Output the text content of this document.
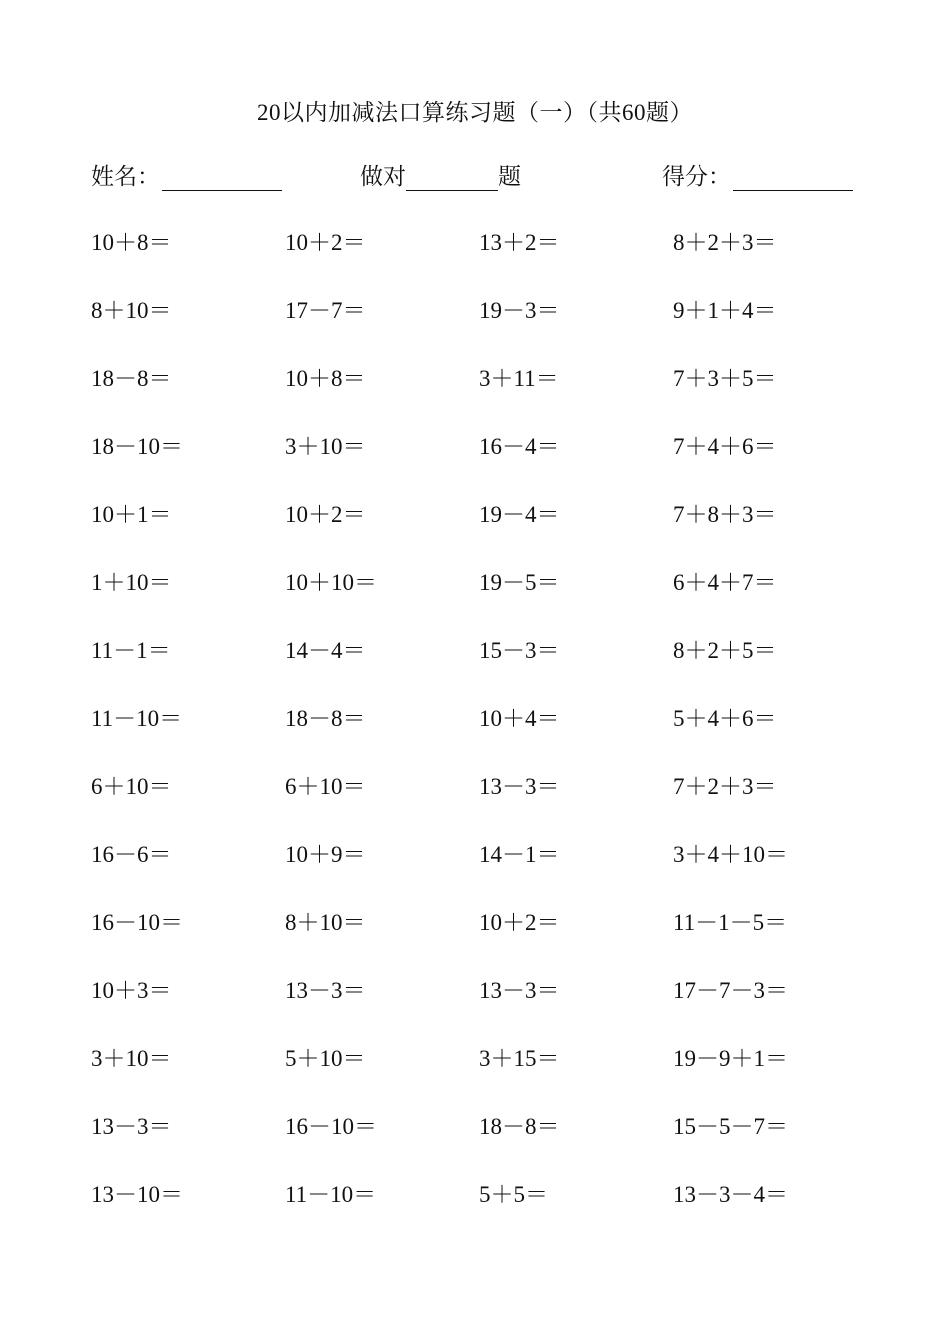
20以内加减法口算练习题（一）（共60题）
姓名：	做对	题	得分：
10＋8＝	10＋2＝	13＋2＝	8＋2＋3＝
8＋10＝	17－7＝	19－3＝	9＋1＋4＝
18－8＝	10＋8＝	3＋11＝	7＋3＋5＝
18－10＝	3＋10＝	16－4＝	7＋4＋6＝
10＋1＝	10＋2＝	19－4＝	7＋8＋3＝
1＋10＝	10＋10＝	19－5＝	6＋4＋7＝
11－1＝	14－4＝	15－3＝	8＋2＋5＝
11－10＝	18－8＝	10＋4＝	5＋4＋6＝
6＋10＝	6＋10＝	13－3＝	7＋2＋3＝
16－6＝	10＋9＝	14－1＝	3＋4＋10＝
16－10＝	8＋10＝	10＋2＝	11－1－5＝
10＋3＝	13－3＝	13－3＝	17－7－3＝
3＋10＝	5＋10＝	3＋15＝	19－9＋1＝
13－3＝	16－10＝	18－8＝	15－5－7＝
13－10＝	11－10＝	5＋5＝	13－3－4＝
